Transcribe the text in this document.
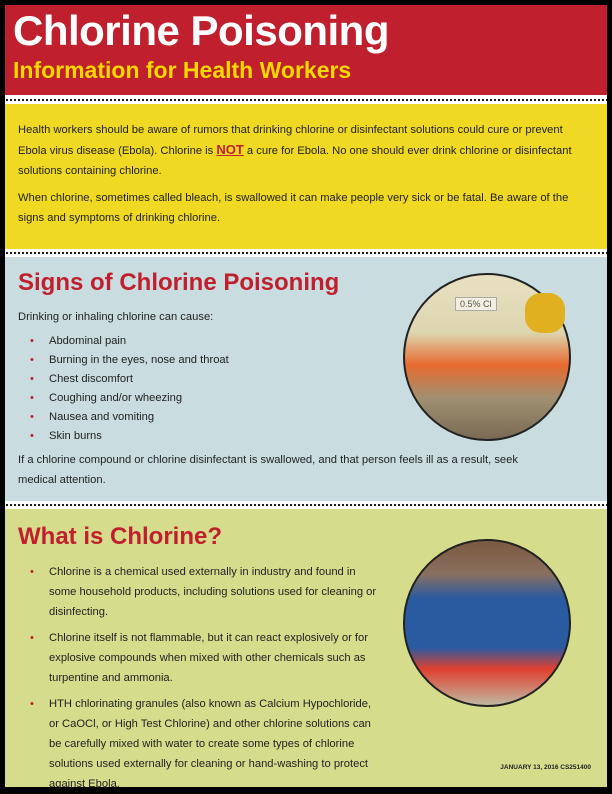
Chlorine Poisoning
Information for Health Workers

Health workers should be aware of rumors that drinking chlorine or disinfectant solutions could cure or prevent Ebola virus disease (Ebola). Chlorine is NOT a cure for Ebola. No one should ever drink chlorine or disinfectant solutions containing chlorine.

When chlorine, sometimes called bleach, is swallowed it can make people very sick or be fatal. Be aware of the signs and symptoms of drinking chlorine.

Signs of Chlorine Poisoning

Drinking or inhaling chlorine can cause:

• Abdominal pain
• Burning in the eyes, nose and throat
• Chest discomfort
• Coughing and/or wheezing
• Nausea and vomiting
• Skin burns

If a chlorine compound or chlorine disinfectant is swallowed, and that person feels ill as a result, seek medical attention.

0.5% Cl
What is Chlorine?
• Chlorine is a chemical used externally in industry and found in some household products, including solutions used for cleaning or disinfecting.
• Chlorine itself is not flammable, but it can react explosively or for explosive compounds when mixed with other chemicals such as turpentine and ammonia.
• HTH chlorinating granules (also known as Calcium Hypochloride, or CaOCl, or High Test Chlorine) and other chlorine solutions can be carefully mixed with water to create some types of chlorine solutions used externally for cleaning or hand-washing to protect against Ebola.
JANUARY 13, 2016 CS251400
